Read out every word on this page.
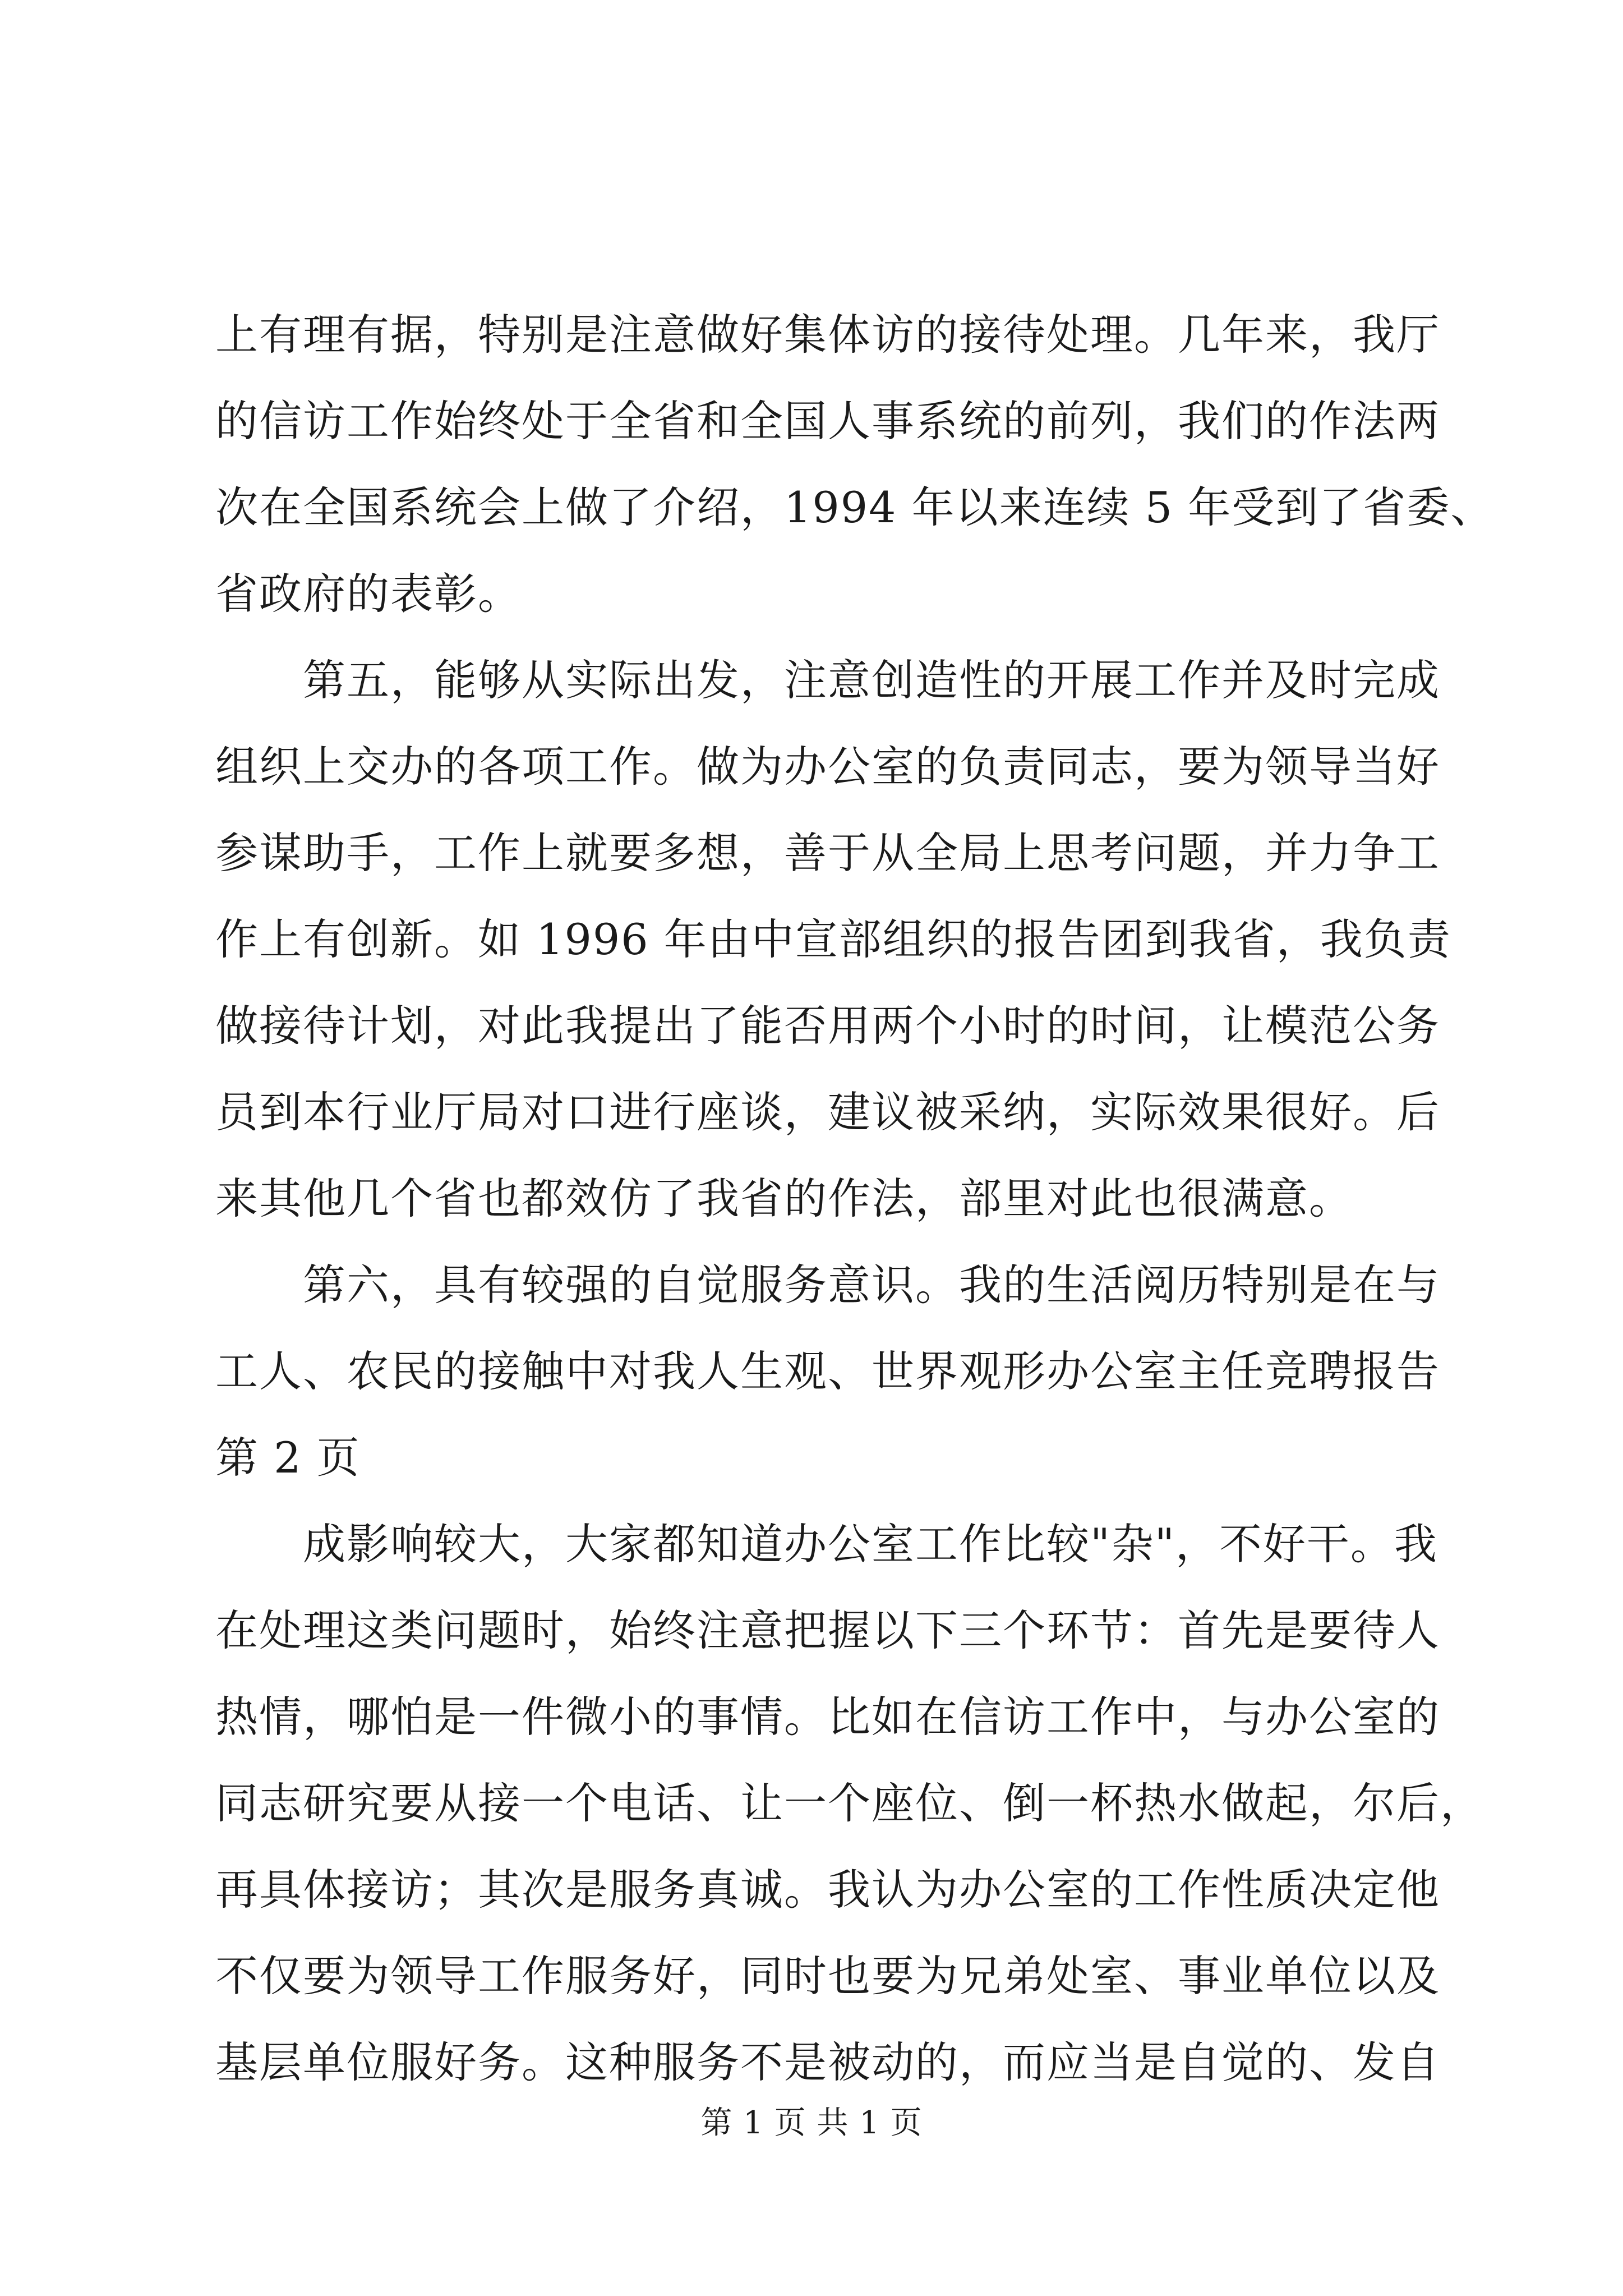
上有理有据，特别是注意做好集体访的接待处理。几年来，我厅
的信访工作始终处于全省和全国人事系统的前列，我们的作法两
次在全国系统会上做了介绍，1994 年以来连续 5 年受到了省委、
省政府的表彰。
　　第五，能够从实际出发，注意创造性的开展工作并及时完成
组织上交办的各项工作。做为办公室的负责同志，要为领导当好
参谋助手，工作上就要多想，善于从全局上思考问题，并力争工
作上有创新。如 1996 年由中宣部组织的报告团到我省，我负责
做接待计划，对此我提出了能否用两个小时的时间，让模范公务
员到本行业厅局对口进行座谈，建议被采纳，实际效果很好。后
来其他几个省也都效仿了我省的作法，部里对此也很满意。
　　第六，具有较强的自觉服务意识。我的生活阅历特别是在与
工人、农民的接触中对我人生观、世界观形办公室主任竞聘报告
第 2 页
　　成影响较大，大家都知道办公室工作比较"杂"，不好干。我
在处理这类问题时，始终注意把握以下三个环节：首先是要待人
热情，哪怕是一件微小的事情。比如在信访工作中，与办公室的
同志研究要从接一个电话、让一个座位、倒一杯热水做起，尔后，
再具体接访；其次是服务真诚。我认为办公室的工作性质决定他
不仅要为领导工作服务好，同时也要为兄弟处室、事业单位以及
基层单位服好务。这种服务不是被动的，而应当是自觉的、发自
第 1 页 共 1 页
